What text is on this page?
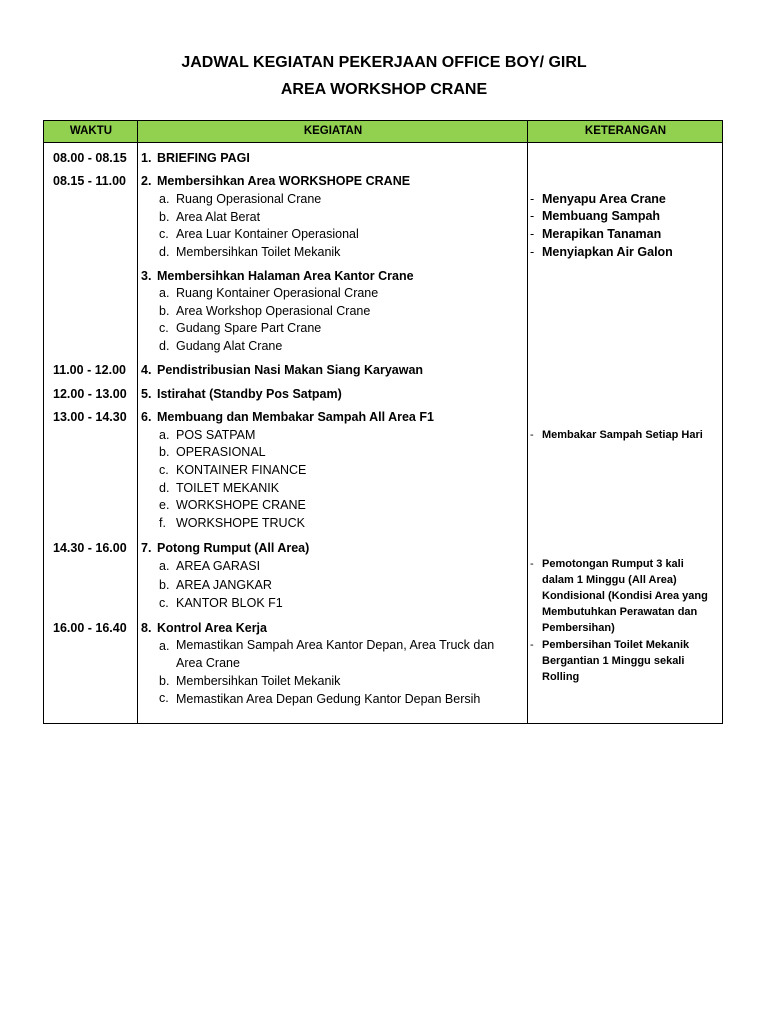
JADWAL KEGIATAN PEKERJAAN OFFICE BOY/ GIRL
AREA WORKSHOP CRANE
WAKTU	KEGIATAN	KETERANGAN
08.00 - 08.15 1. BRIEFING PAGI
08.15 - 11.00 2. Membersihkan Area WORKSHOPE CRANE
a. Ruang Operasional Crane
b. Area Alat Berat
c. Area Luar Kontainer Operasional
d. Membersihkan Toilet Mekanik
3. Membersihkan Halaman Area Kantor Crane
a. Ruang Kontainer Operasional Crane
b. Area Workshop Operasional Crane
c. Gudang Spare Part Crane
d. Gudang Alat Crane
11.00 - 12.00 4. Pendistribusian Nasi Makan Siang Karyawan
12.00 - 13.00 5. Istirahat (Standby Pos Satpam)
13.00 - 14.30 6. Membuang dan Membakar Sampah All Area F1
a. POS SATPAM
b. OPERASIONAL
c. KONTAINER FINANCE
d. TOILET MEKANIK
e. WORKSHOPE CRANE
f. WORKSHOPE TRUCK
14.30 - 16.00 7. Potong Rumput (All Area)
a. AREA GARASI
b. AREA JANGKAR
c. KANTOR BLOK F1
16.00 - 16.40 8. Kontrol Area Kerja
a. Memastikan Sampah Area Kantor Depan, Area Truck dan
Area Crane
b. Membersihkan Toilet Mekanik
c. Memastikan Area Depan Gedung Kantor Depan Bersih
- Menyapu Area Crane
- Membuang Sampah
- Merapikan Tanaman
- Menyiapkan Air Galon
- Membakar Sampah Setiap Hari
- Pemotongan Rumput 3 kali
dalam 1 Minggu (All Area)
Kondisional (Kondisi Area yang
Membutuhkan Perawatan dan
Pembersihan)
- Pembersihan Toilet Mekanik
Bergantian 1 Minggu sekali
Rolling
